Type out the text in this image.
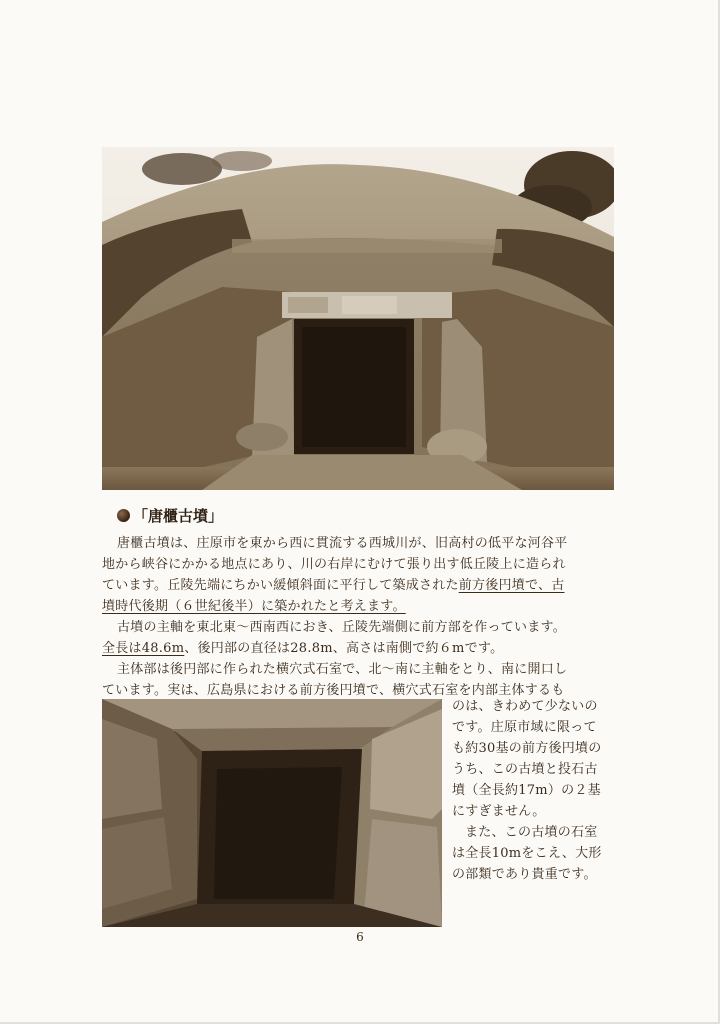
「唐櫃古墳」
唐櫃古墳は、庄原市を東から西に貫流する西城川が、旧高村の低平な河谷平
地から峡谷にかかる地点にあり、川の右岸にむけて張り出す低丘陵上に造られ
ています。丘陵先端にちかい緩傾斜面に平行して築成された前方後円墳で、古
墳時代後期（６世紀後半）に築かれたと考えます。
古墳の主軸を東北東～西南西におき、丘陵先端側に前方部を作っています。
全長は48.6m、後円部の直径は28.8m、高さは南側で約６mです。
主体部は後円部に作られた横穴式石室で、北～南に主軸をとり、南に開口し
ています。実は、広島県における前方後円墳で、横穴式石室を内部主体するも
のは、きわめて少ないの
です。庄原市域に限って
も約30基の前方後円墳の
うち、この古墳と投石古
墳（全長約17m）の２基
にすぎません。
また、この古墳の石室
は全長10mをこえ、大形
の部類であり貴重です。
6
